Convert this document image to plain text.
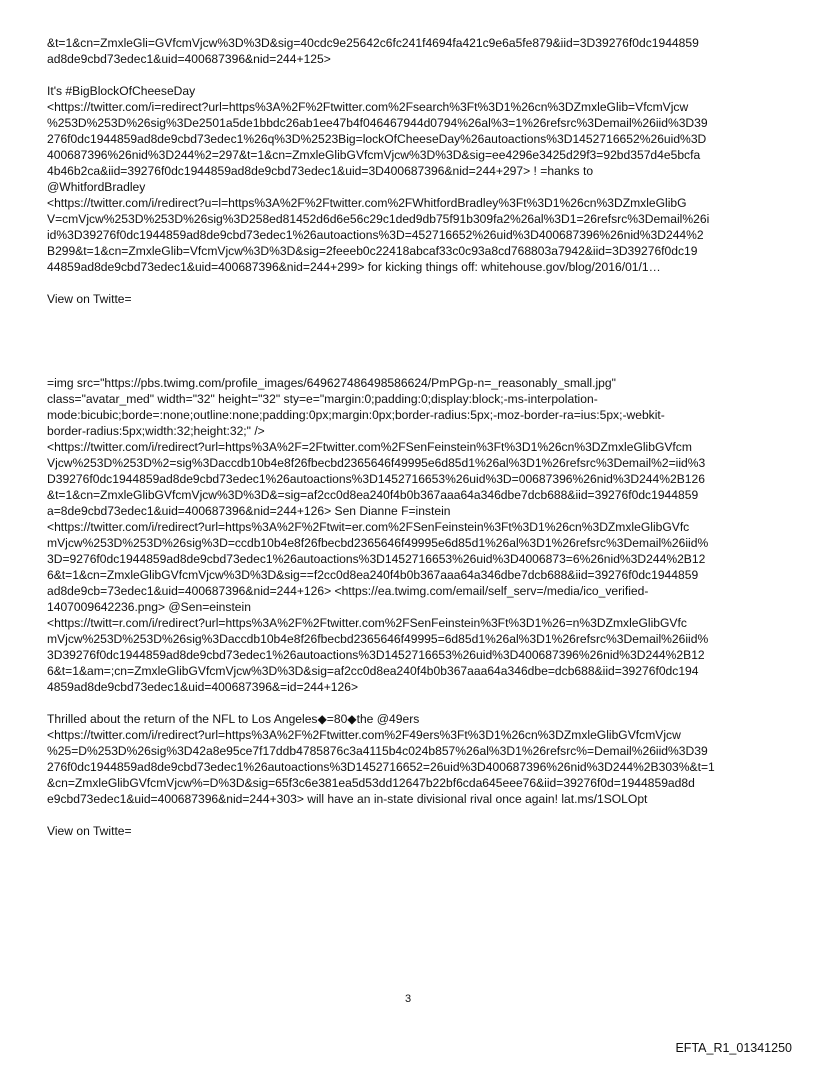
&t=1&cn=ZmxleGli=GVfcmVjcw%3D%3D&sig=40cdc9e25642c6fc241f4694fa421c9e6a5fe879&iid=3D39276f0dc1944859
ad8de9cbd73edec1&uid=400687396&nid=244+125>

It's #BigBlockOfCheeseDay
<https://twitter.com/i=redirect?url=https%3A%2F%2Ftwitter.com%2Fsearch%3Ft%3D1%26cn%3DZmxleGlib=VfcmVjcw
%253D%253D%26sig%3De2501a5de1bbdc26ab1ee47b4f046467944d0794%26al%3=1%26refsrc%3Demail%26iid%3D39
276f0dc1944859ad8de9cbd73edec1%26q%3D%2523Big=lockOfCheeseDay%26autoactions%3D1452716652%26uid%3D
400687396%26nid%3D244%2=297&t=1&cn=ZmxleGlibGVfcmVjcw%3D%3D&sig=ee4296e3425d29f3=92bd357d4e5bcfa
4b46b2ca&iid=39276f0dc1944859ad8de9cbd73edec1&uid=3D400687396&nid=244+297> ! =hanks to
@WhitfordBradley
<https://twitter.com/i/redirect?u=l=https%3A%2F%2Ftwitter.com%2FWhitfordBradley%3Ft%3D1%26cn%3DZmxleGlibG
V=cmVjcw%253D%253D%26sig%3D258ed81452d6d6e56c29c1ded9db75f91b309fa2%26al%3D1=26refsrc%3Demail%26i
id%3D39276f0dc1944859ad8de9cbd73edec1%26autoactions%3D=452716652%26uid%3D400687396%26nid%3D244%2
B299&t=1&cn=ZmxleGlib=VfcmVjcw%3D%3D&sig=2feeeb0c22418abcaf33c0c93a8cd768803a7942&iid=3D39276f0dc19
44859ad8de9cbd73edec1&uid=400687396&nid=244+299> for kicking things off: whitehouse.gov/blog/2016/01/1…

View on Twitte=

=img src="https://pbs.twimg.com/profile_images/649627486498586624/PmPGp-n=_reasonably_small.jpg"
class="avatar_med" width="32" height="32" sty=e="margin:0;padding:0;display:block;-ms-interpolation-
mode:bicubic;borde=:none;outline:none;padding:0px;margin:0px;border-radius:5px;-moz-border-ra=ius:5px;-webkit-
border-radius:5px;width:32;height:32;" />
<https://twitter.com/i/redirect?url=https%3A%2F=2Ftwitter.com%2FSenFeinstein%3Ft%3D1%26cn%3DZmxleGlibGVfcm
Vjcw%253D%253D%2=sig%3Daccdb10b4e8f26fbecbd2365646f49995e6d85d1%26al%3D1%26refsrc%3Demail%2=iid%3
D39276f0dc1944859ad8de9cbd73edec1%26autoactions%3D1452716653%26uid%3D=00687396%26nid%3D244%2B126
&t=1&cn=ZmxleGlibGVfcmVjcw%3D%3D&=sig=af2cc0d8ea240f4b0b367aaa64a346dbe7dcb688&iid=39276f0dc1944859
a=8de9cbd73edec1&uid=400687396&nid=244+126> Sen Dianne F=instein
<https://twitter.com/i/redirect?url=https%3A%2F%2Ftwit=er.com%2FSenFeinstein%3Ft%3D1%26cn%3DZmxleGlibGVfc
mVjcw%253D%253D%26sig%3D=ccdb10b4e8f26fbecbd2365646f49995e6d85d1%26al%3D1%26refsrc%3Demail%26iid%
3D=9276f0dc1944859ad8de9cbd73edec1%26autoactions%3D1452716653%26uid%3D4006873=6%26nid%3D244%2B12
6&t=1&cn=ZmxleGlibGVfcmVjcw%3D%3D&sig==f2cc0d8ea240f4b0b367aaa64a346dbe7dcb688&iid=39276f0dc1944859
ad8de9cb=73edec1&uid=400687396&nid=244+126> <https://ea.twimg.com/email/self_serv=/media/ico_verified-
1407009642236.png> @Sen=einstein
<https://twitt=r.com/i/redirect?url=https%3A%2F%2Ftwitter.com%2FSenFeinstein%3Ft%3D1%26=n%3DZmxleGlibGVfc
mVjcw%253D%253D%26sig%3Daccdb10b4e8f26fbecbd2365646f49995=6d85d1%26al%3D1%26refsrc%3Demail%26iid%
3D39276f0dc1944859ad8de9cbd73edec1%26autoactions%3D1452716653%26uid%3D400687396%26nid%3D244%2B12
6&t=1&am=;cn=ZmxleGlibGVfcmVjcw%3D%3D&sig=af2cc0d8ea240f4b0b367aaa64a346dbe=dcb688&iid=39276f0dc194
4859ad8de9cbd73edec1&uid=400687396&=id=244+126>

Thrilled about the return of the NFL to Los Angeles◆=80◆the @49ers
<https://twitter.com/i/redirect?url=https%3A%2F%2Ftwitter.com%2F49ers%3Ft%3D1%26cn%3DZmxleGlibGVfcmVjcw
%25=D%253D%26sig%3D42a8e95ce7f17ddb4785876c3a4115b4c024b857%26al%3D1%26refsrc%=Demail%26iid%3D39
276f0dc1944859ad8de9cbd73edec1%26autoactions%3D1452716652=26uid%3D400687396%26nid%3D244%2B303%&t=1
&cn=ZmxleGlibGVfcmVjcw%=D%3D&sig=65f3c6e381ea5d53dd12647b22bf6cda645eee76&iid=39276f0d=1944859ad8d
e9cbd73edec1&uid=400687396&nid=244+303> will have an in-state divisional rival once again! lat.ms/1SOLOpt

View on Twitte=

3
EFTA_R1_01341250
